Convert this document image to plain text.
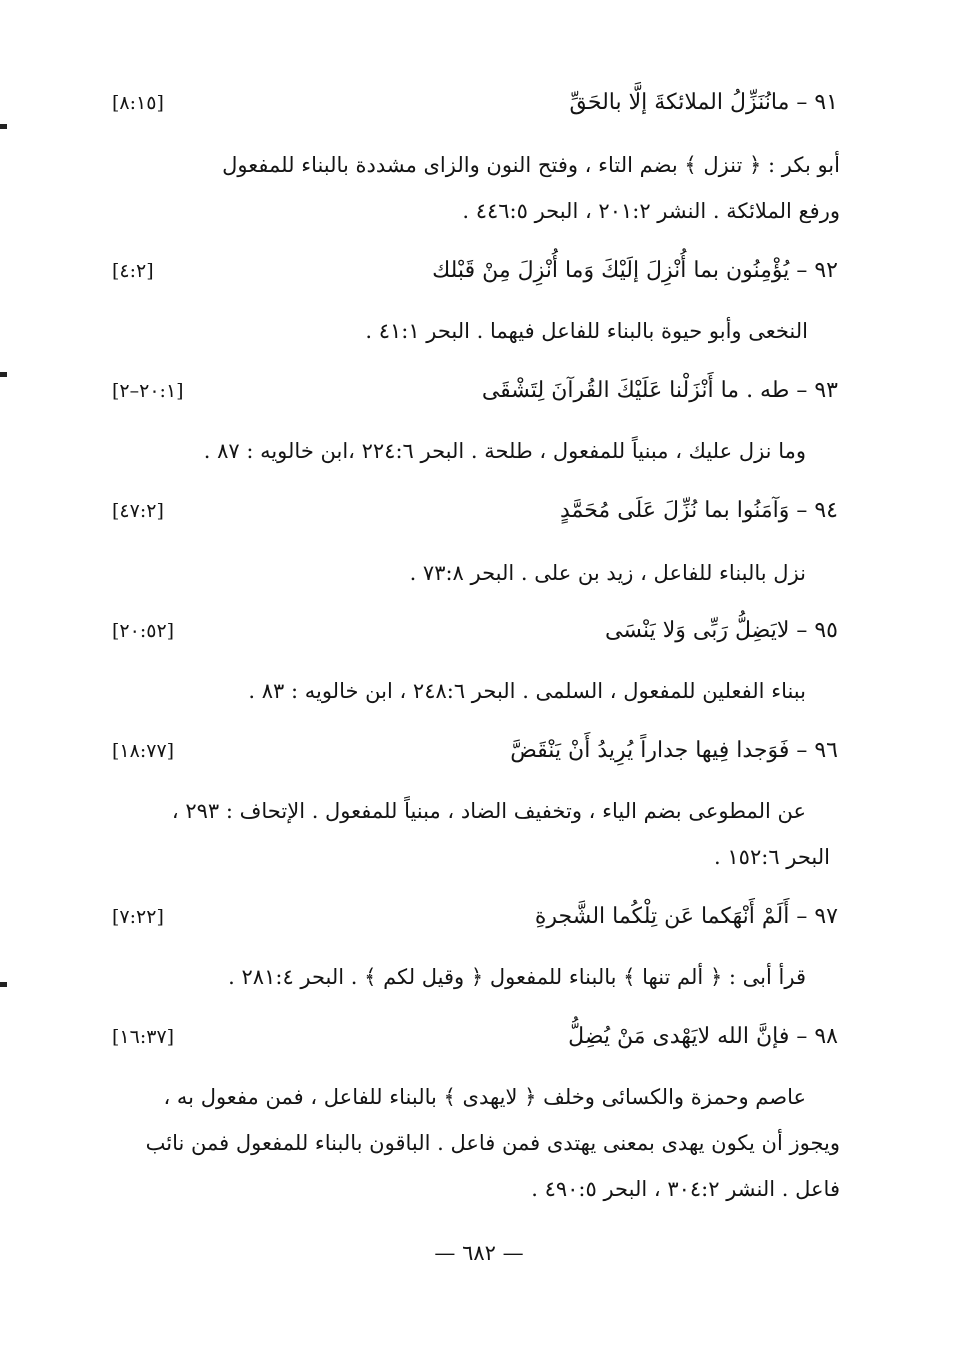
٩١ – مانُنَزِّلُ الملائكةَ إلَّا بالحَقِّ
[٨:١٥]
أبو بكر : ﴿ تنزل ﴾ بضم التاء ، وفتح النون والزاى مشددة بالبناء للمفعول
ورفع الملائكة . النشر ٢٠١:٢ ، البحر ٤٤٦:٥ .
٩٢ – يُؤْمِنُون بما أُنْزِلَ إلَيْكَ وَما أُنْزِلَ مِنْ قَبْلك
[٤:٢]
النخعى وأبو حيوة بالبناء للفاعل فيهما . البحر ٤١:١ .
٩٣ – طه . ما أَنْزَلْنا عَلَيْكَ القُرآنَ لِتَشْقَى
[٢٠:١–٢]
وما نزل عليك ، مبنياً للمفعول ، طلحة . البحر ٢٢٤:٦ ،ابن خالويه : ٨٧ .
٩٤ – وَآمَنُوا بما نُزِّلَ عَلَى مُحَمَّدٍ
[٤٧:٢]
نزل بالبناء للفاعل ، زيد بن على . البحر ٧٣:٨ .
٩٥ – لايَضِلُّ رَبِّى وَلا يَنْسَى
[٢٠:٥٢]
ببناء الفعلين للمفعول ، السلمى . البحر ٢٤٨:٦ ، ابن خالويه : ٨٣ .
٩٦ – فَوَجدا فِيها جداراً يُرِيدُ أَنْ يَنْقَضَّ
[١٨:٧٧]
عن المطوعى بضم الياء ، وتخفيف الضاد ، مبنياً للمفعول . الإتحاف : ٢٩٣ ،
البحر ١٥٢:٦ .
٩٧ – أَلَمْ أَنْهَكما عَن تِلْكُما الشَّجرةِ
[٧:٢٢]
قرأ أبى : ﴿ ألم تنها ﴾ بالبناء للمفعول ﴿ وقيل لكم ﴾ . البحر ٢٨١:٤ .
٩٨ – فإنَّ الله لايَهْدى مَنْ يُضِلُّ
[١٦:٣٧]
عاصم وحمزة والكسائى وخلف ﴿ لايهدى ﴾ بالبناء للفاعل ، فمن مفعول به ،
ويجوز أن يكون يهدى بمعنى يهتدى فمن فاعل . الباقون بالبناء للمفعول فمن نائب
فاعل . النشر ٣٠٤:٢ ، البحر ٤٩٠:٥ .
— ٦٨٢ —
